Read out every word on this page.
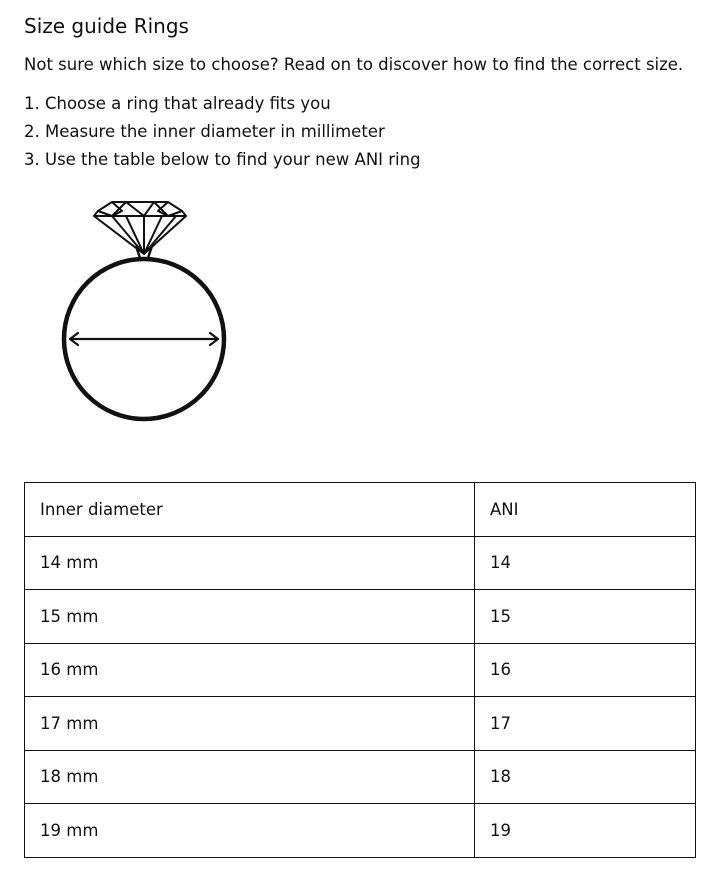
Size guide Rings

Not sure which size to choose? Read on to discover how to find the correct size.

1. Choose a ring that already fits you
2. Measure the inner diameter in millimeter
3. Use the table below to find your new ANI ring
Inner diameter	ANI
14 mm	14
15 mm	15
16 mm	16
17 mm	17
18 mm	18
19 mm	19
